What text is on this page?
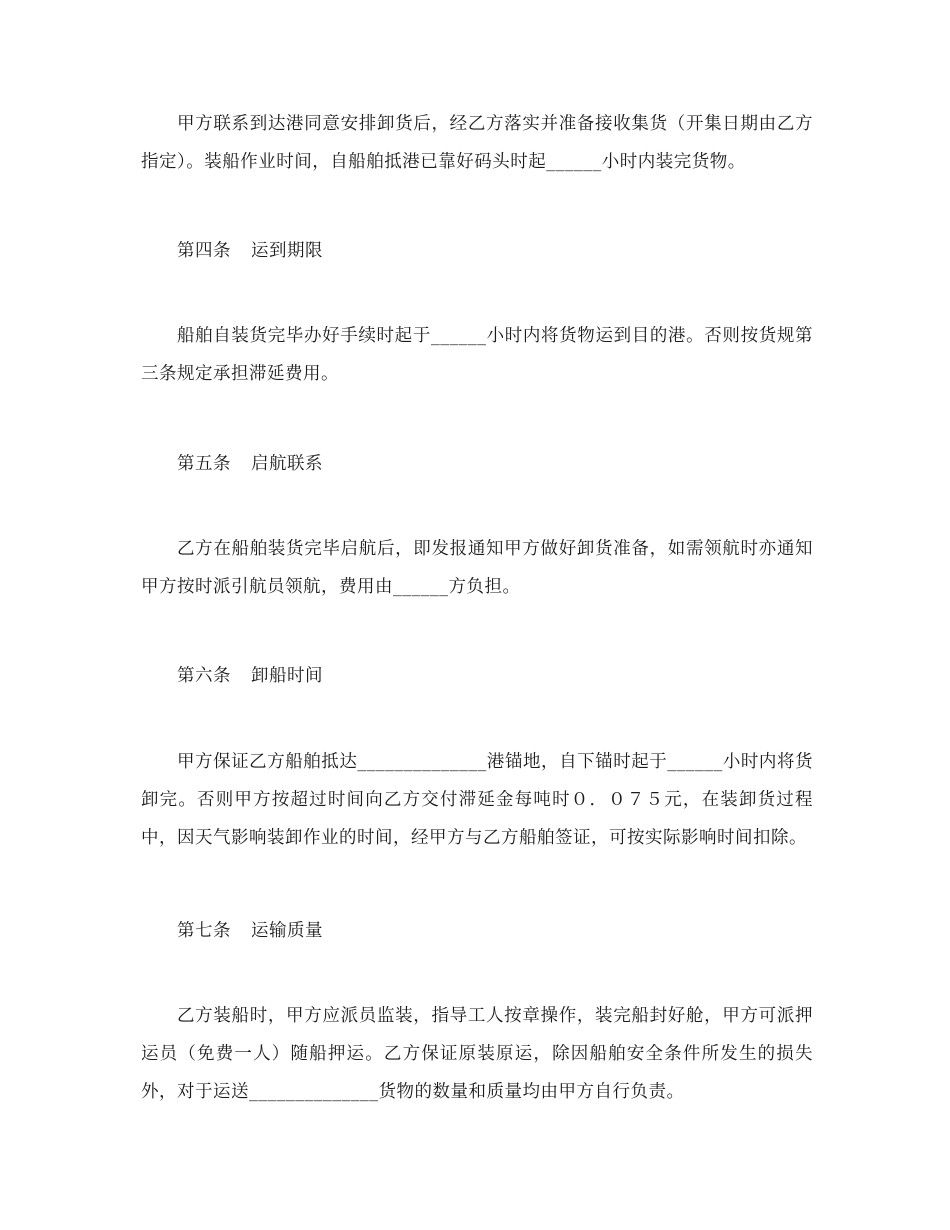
甲方联系到达港同意安排卸货后，经乙方落实并准备接收集货（开集日期由乙方指定）。装船作业时间，自船舶抵港已靠好码头时起______小时内装完货物。

第四条 运到期限

船舶自装货完毕办好手续时起于______小时内将货物运到目的港。否则按货规第三条规定承担滞延费用。

第五条 启航联系

乙方在船舶装货完毕启航后，即发报通知甲方做好卸货准备，如需领航时亦通知甲方按时派引航员领航，费用由______方负担。

第六条 卸船时间

甲方保证乙方船舶抵达______________港锚地，自下锚时起于______小时内将货卸完。否则甲方按超过时间向乙方交付滞延金每吨时０．０７５元，在装卸货过程中，因天气影响装卸作业的时间，经甲方与乙方船舶签证，可按实际影响时间扣除。

第七条 运输质量

乙方装船时，甲方应派员监装，指导工人按章操作，装完船封好舱，甲方可派押运员（免费一人）随船押运。乙方保证原装原运，除因船舶安全条件所发生的损失外，对于运送______________货物的数量和质量均由甲方自行负责。
